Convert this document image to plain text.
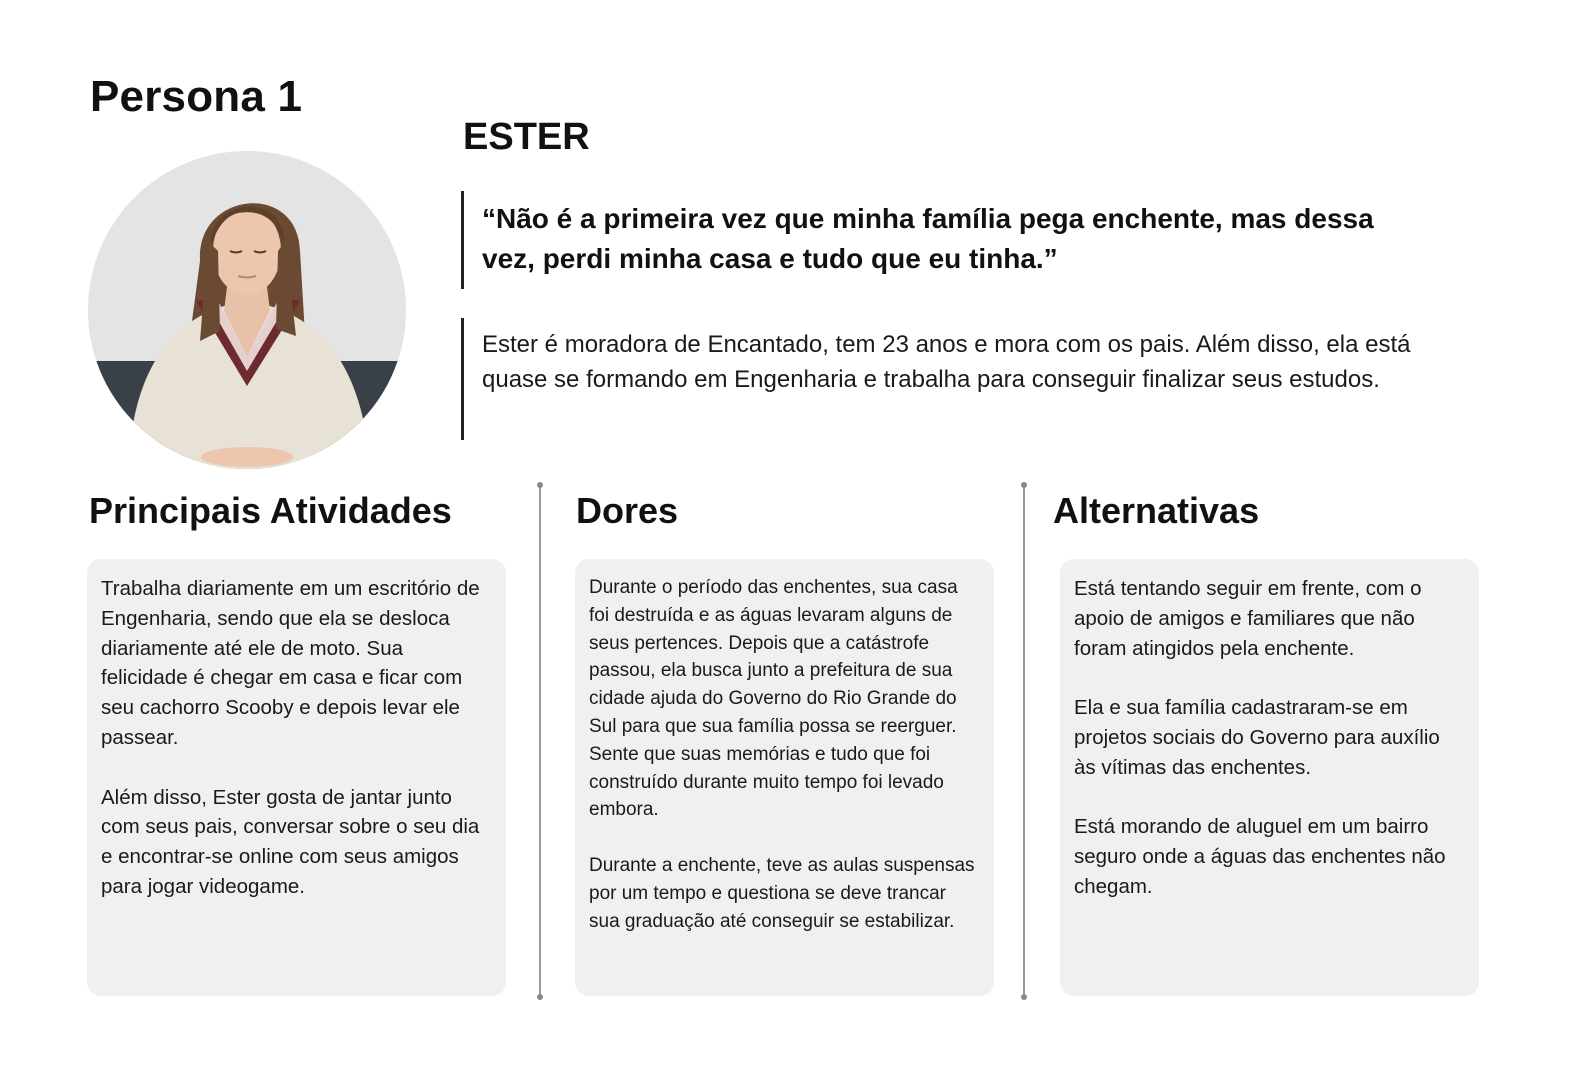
Persona 1
ESTER

“Não é a primeira vez que minha família pega enchente, mas dessa vez, perdi minha casa e tudo que eu tinha.”

Ester é moradora de Encantado, tem 23 anos e mora com os pais. Além disso, ela está quase se formando em Engenharia e trabalha para conseguir finalizar seus estudos.

Principais Atividades

Trabalha diariamente em um escritório de Engenharia, sendo que ela se desloca diariamente até ele de moto. Sua felicidade é chegar em casa e ficar com seu cachorro Scooby e depois levar ele passear.

Além disso, Ester gosta de jantar junto com seus pais, conversar sobre o seu dia e encontrar-se online com seus amigos para jogar videogame.

Dores

Durante o período das enchentes, sua casa foi destruída e as águas levaram alguns de seus pertences. Depois que a catástrofe passou, ela busca junto a prefeitura de sua cidade ajuda do Governo do Rio Grande do Sul para que sua família possa se reerguer. Sente que suas memórias e tudo que foi construído durante muito tempo foi levado embora.

Durante a enchente, teve as aulas suspensas por um tempo e questiona se deve trancar sua graduação até conseguir se estabilizar.

Alternativas

Está tentando seguir em frente, com o apoio de amigos e familiares que não foram atingidos pela enchente.

Ela e sua família cadastraram-se em projetos sociais do Governo para auxílio às vítimas das enchentes.

Está morando de aluguel em um bairro seguro onde a águas das enchentes não chegam.
